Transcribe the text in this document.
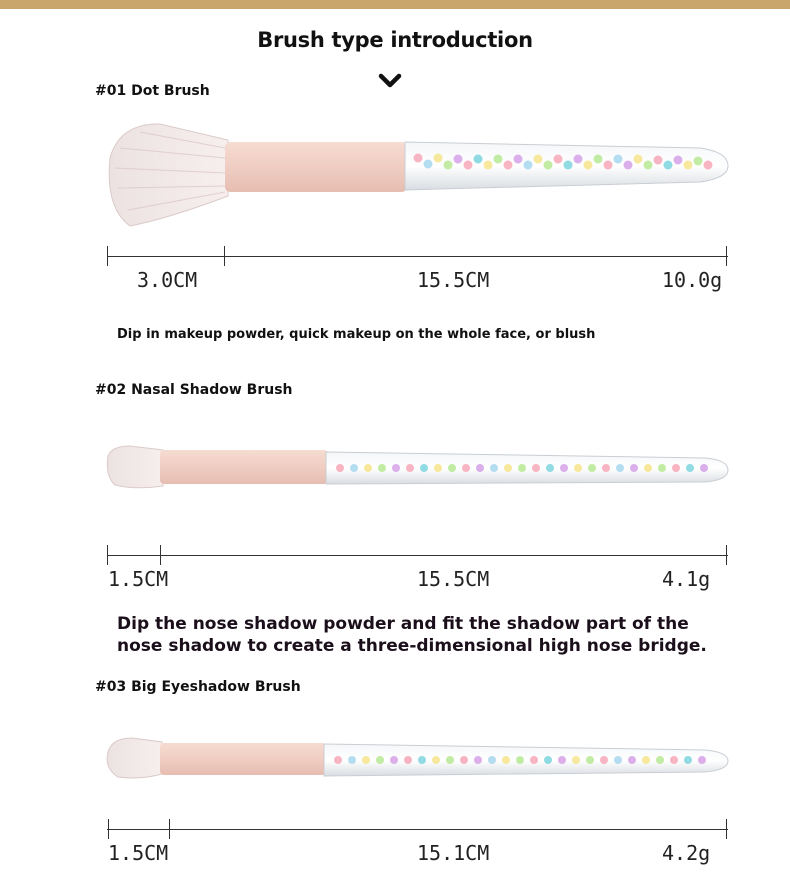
Brush type introduction
#01 Dot Brush
3.0CM	15.5CM	10.0g
Dip in makeup powder, quick makeup on the whole face, or blush
#02 Nasal Shadow Brush
1.5CM	15.5CM	4.1g
Dip the nose shadow powder and fit the shadow part of the nose shadow to create a three-dimensional high nose bridge.
#03 Big Eyeshadow Brush
1.5CM	15.1CM	4.2g
